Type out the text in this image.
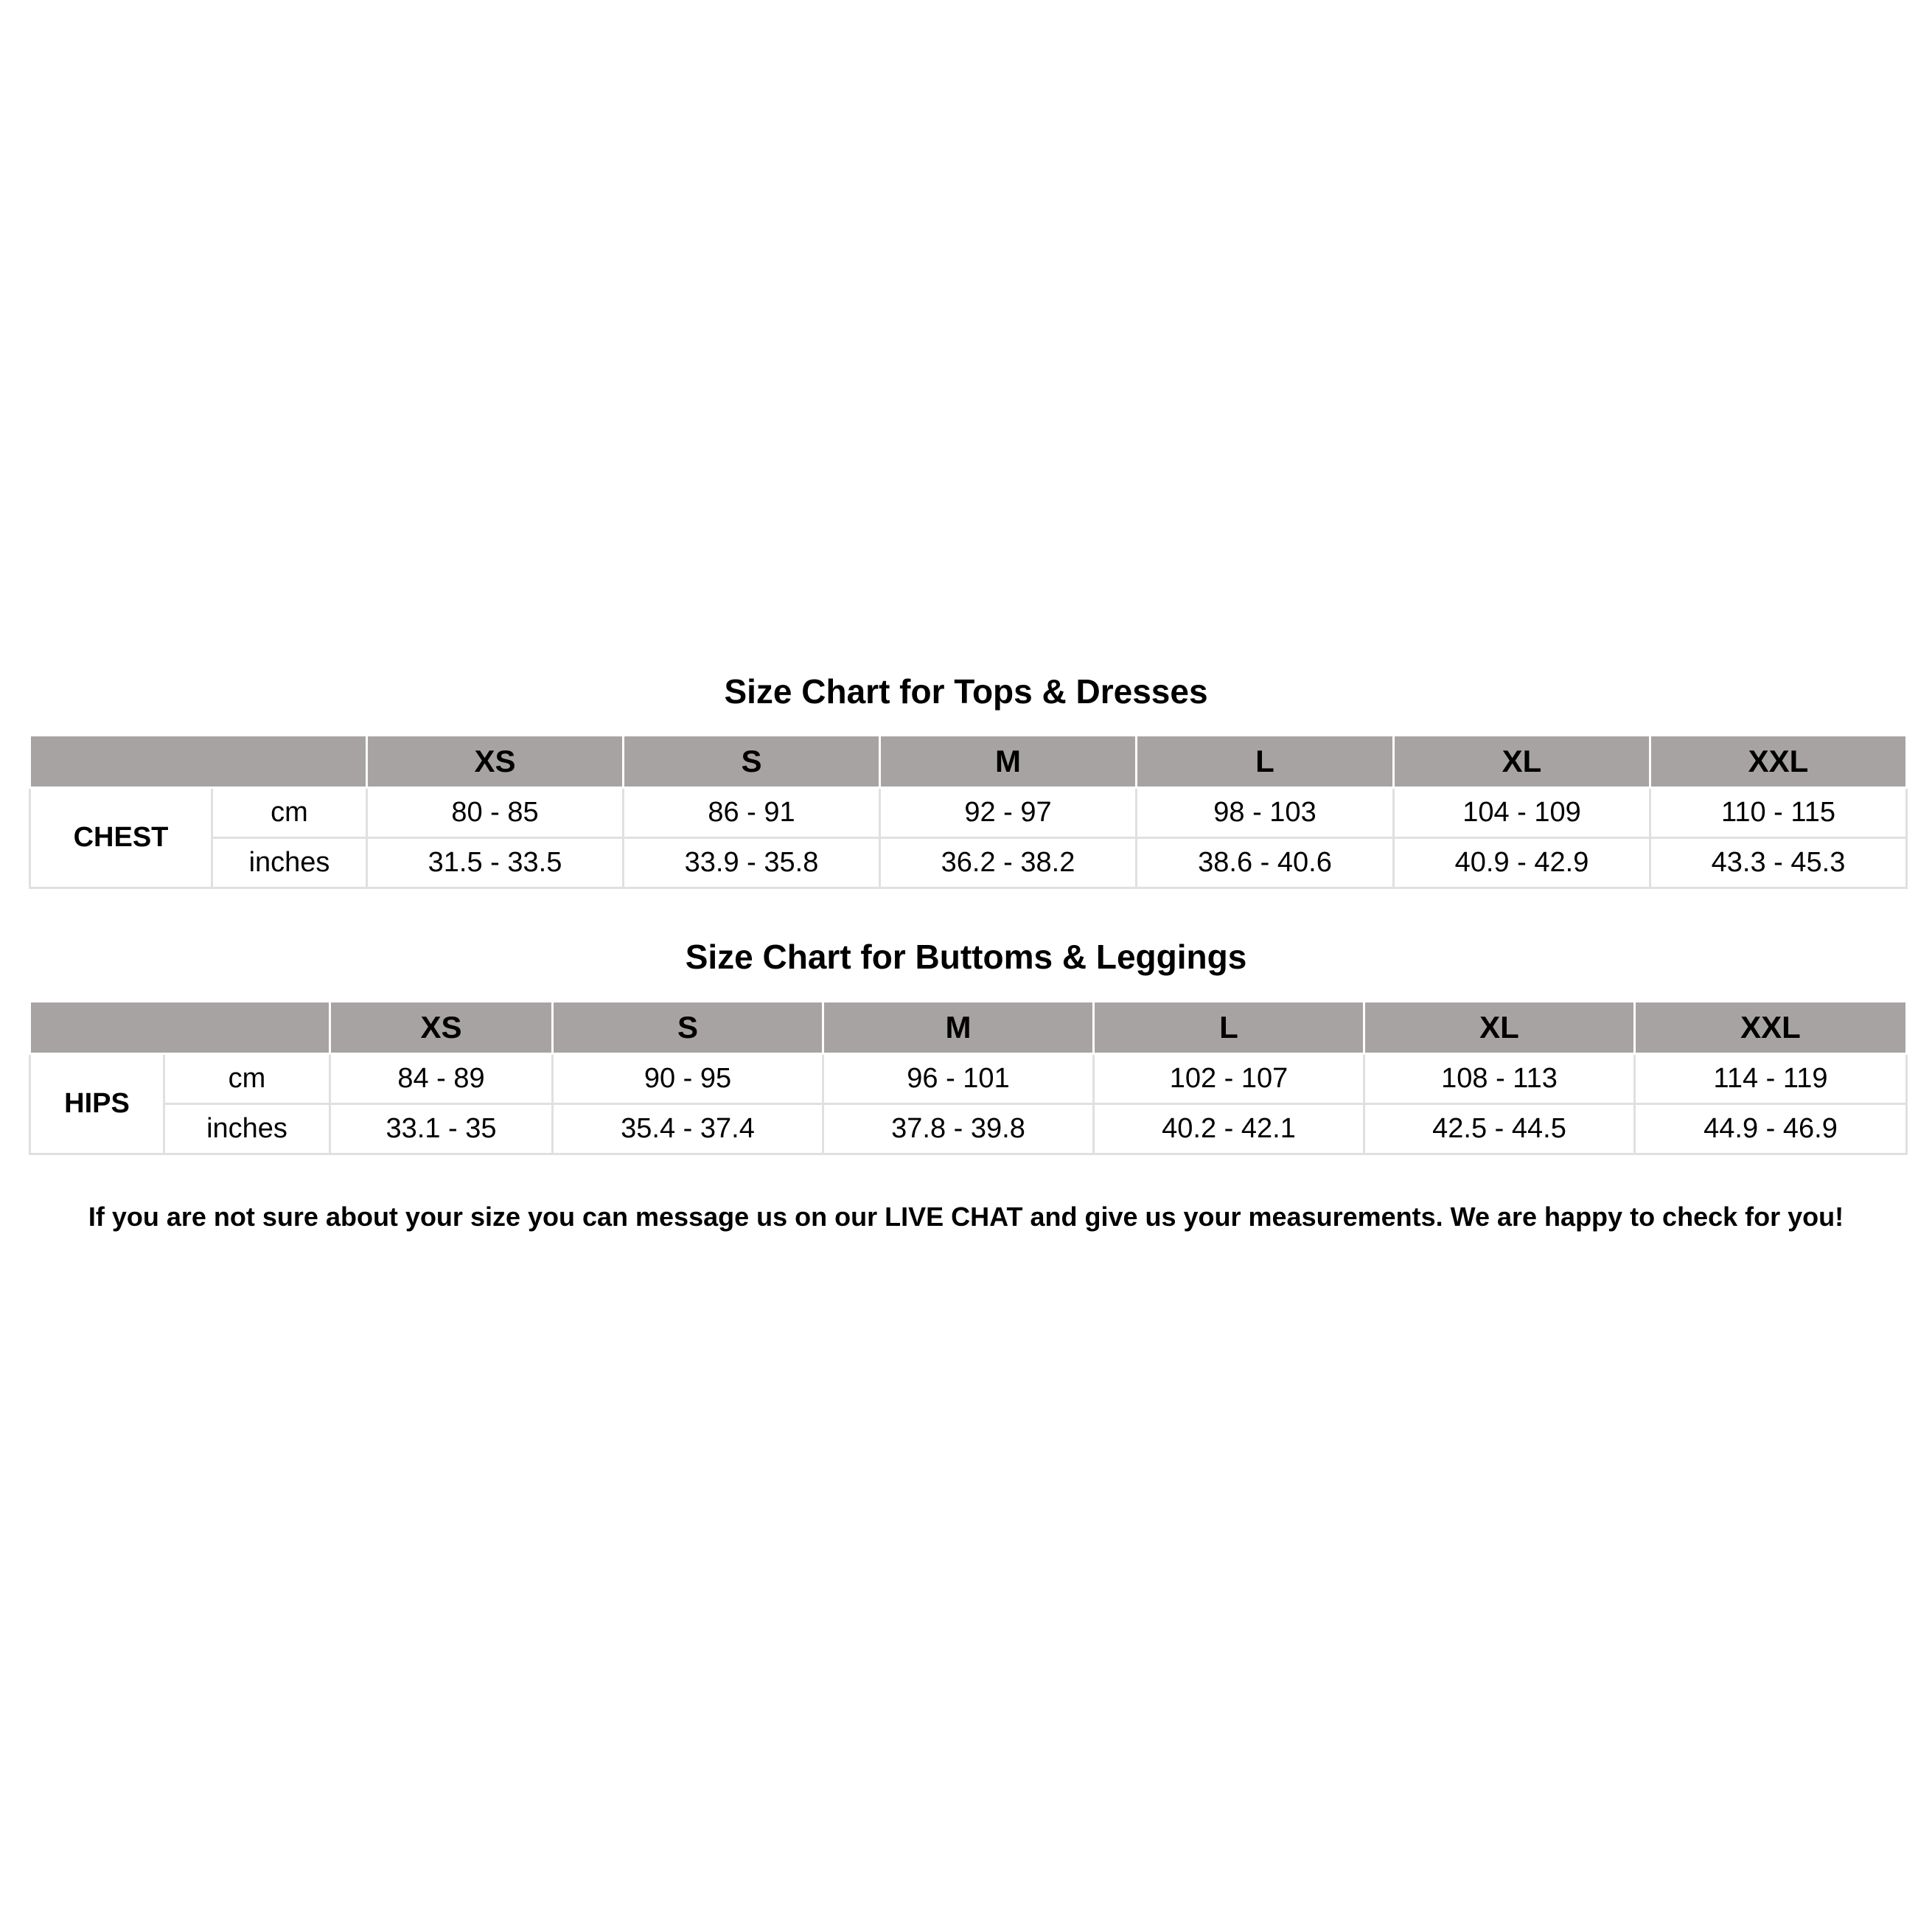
Size Chart for Tops & Dresses
		XS	S	M	L	XL	XXL
CHEST	cm	80 - 85	86 - 91	92 - 97	98 - 103	104 - 109	110 - 115
	inches	31.5 - 33.5	33.9 - 35.8	36.2 - 38.2	38.6 - 40.6	40.9 - 42.9	43.3 - 45.3
Size Chart for Buttoms & Leggings
		XS	S	M	L	XL	XXL
HIPS	cm	84 - 89	90 - 95	96 - 101	102 - 107	108 - 113	114 - 119
	inches	33.1 - 35	35.4 - 37.4	37.8 - 39.8	40.2 - 42.1	42.5 - 44.5	44.9 - 46.9

If you are not sure about your size you can message us on our LIVE CHAT and give us your measurements. We are happy to check for you!
